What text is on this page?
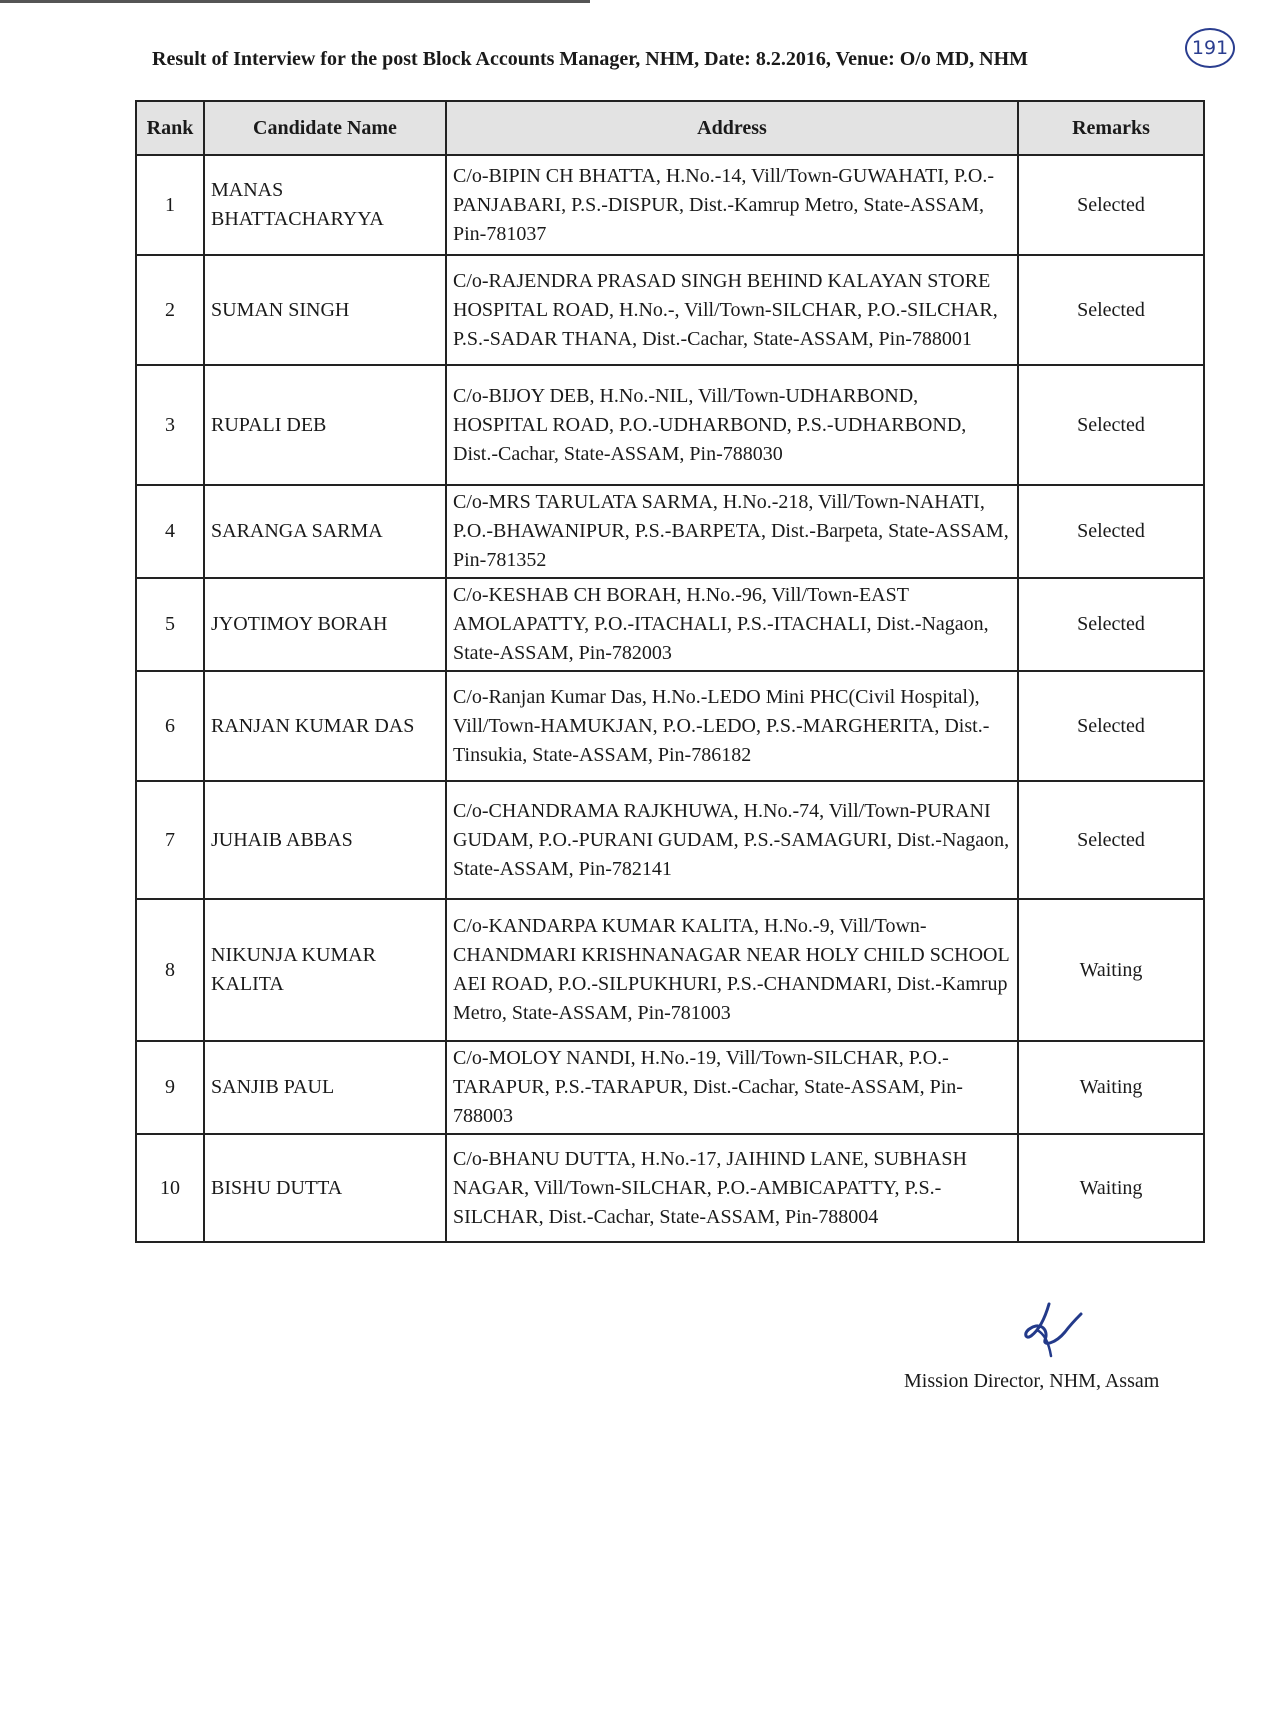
Result of Interview for the post Block Accounts Manager, NHM, Date: 8.2.2016, Venue: O/o MD, NHM	191
Rank	Candidate Name	Address	Remarks
1	MANAS BHATTACHARYYA	C/o-BIPIN CH BHATTA, H.No.-14, Vill/Town-GUWAHATI, P.O.-PANJABARI, P.S.-DISPUR, Dist.-Kamrup Metro, State-ASSAM, Pin-781037	Selected
2	SUMAN SINGH	C/o-RAJENDRA PRASAD SINGH BEHIND KALAYAN STORE HOSPITAL ROAD, H.No.-, Vill/Town-SILCHAR, P.O.-SILCHAR, P.S.-SADAR THANA, Dist.-Cachar, State-ASSAM, Pin-788001	Selected
3	RUPALI DEB	C/o-BIJOY DEB, H.No.-NIL, Vill/Town-UDHARBOND, HOSPITAL ROAD, P.O.-UDHARBOND, P.S.-UDHARBOND, Dist.-Cachar, State-ASSAM, Pin-788030	Selected
4	SARANGA SARMA	C/o-MRS TARULATA SARMA, H.No.-218, Vill/Town-NAHATI, P.O.-BHAWANIPUR, P.S.-BARPETA, Dist.-Barpeta, State-ASSAM, Pin-781352	Selected
5	JYOTIMOY BORAH	C/o-KESHAB CH BORAH, H.No.-96, Vill/Town-EAST AMOLAPATTY, P.O.-ITACHALI, P.S.-ITACHALI, Dist.-Nagaon, State-ASSAM, Pin-782003	Selected
6	RANJAN KUMAR DAS	C/o-Ranjan Kumar Das, H.No.-LEDO Mini PHC(Civil Hospital), Vill/Town-HAMUKJAN, P.O.-LEDO, P.S.-MARGHERITA, Dist.-Tinsukia, State-ASSAM, Pin-786182	Selected
7	JUHAIB ABBAS	C/o-CHANDRAMA RAJKHUWA, H.No.-74, Vill/Town-PURANI GUDAM, P.O.-PURANI GUDAM, P.S.-SAMAGURI, Dist.-Nagaon, State-ASSAM, Pin-782141	Selected
8	NIKUNJA KUMAR KALITA	C/o-KANDARPA KUMAR KALITA, H.No.-9, Vill/Town-CHANDMARI KRISHNANAGAR NEAR HOLY CHILD SCHOOL AEI ROAD, P.O.-SILPUKHURI, P.S.-CHANDMARI, Dist.-Kamrup Metro, State-ASSAM, Pin-781003	Waiting
9	SANJIB PAUL	C/o-MOLOY NANDI, H.No.-19, Vill/Town-SILCHAR, P.O.-TARAPUR, P.S.-TARAPUR, Dist.-Cachar, State-ASSAM, Pin-788003	Waiting
10	BISHU DUTTA	C/o-BHANU DUTTA, H.No.-17, JAIHIND LANE, SUBHASH NAGAR, Vill/Town-SILCHAR, P.O.-AMBICAPATTY, P.S.-SILCHAR, Dist.-Cachar, State-ASSAM, Pin-788004	Waiting
Mission Director, NHM, Assam
